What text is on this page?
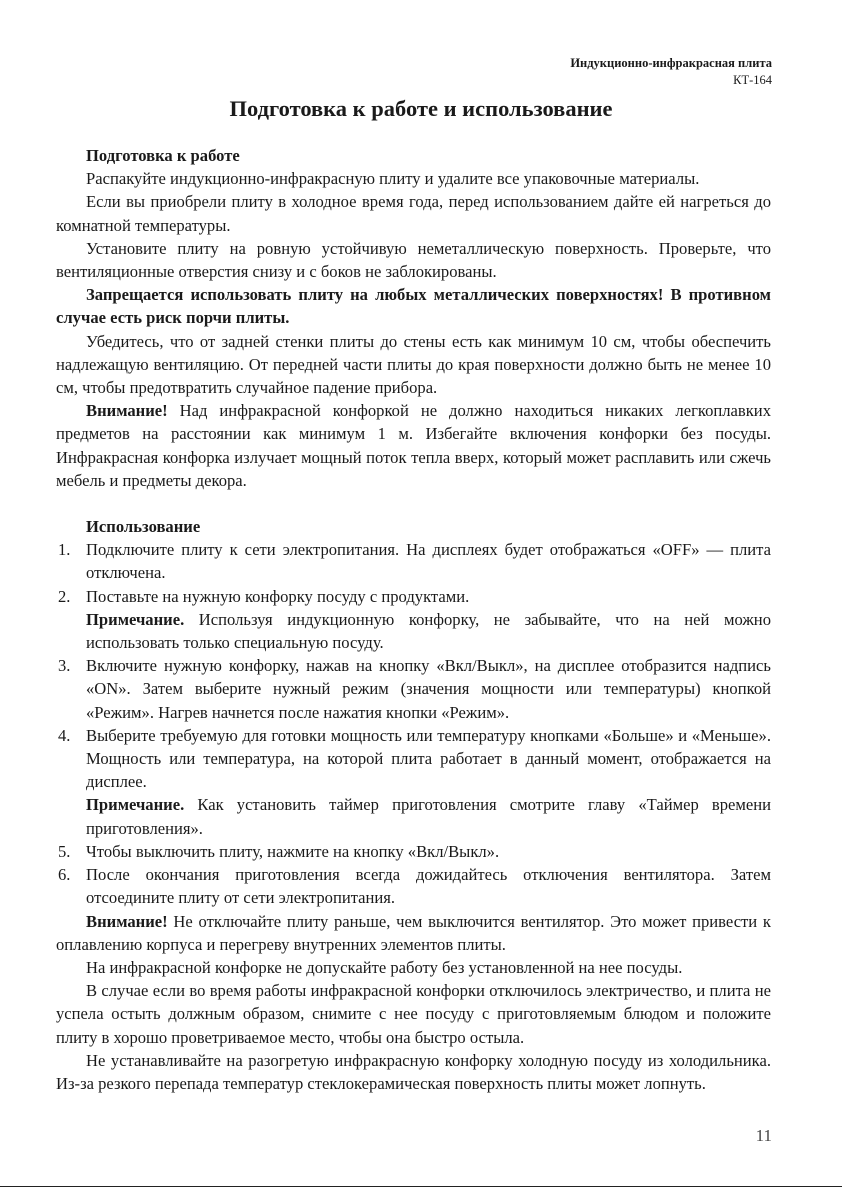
Индукционно-инфракрасная плита
КТ-164
Подготовка к работе и использование

Подготовка к работе

Распакуйте индукционно-инфракрасную плиту и удалите все упаковочные материалы.

Если вы приобрели плиту в холодное время года, перед использованием дайте ей нагреться до комнатной температуры.

Установите плиту на ровную устойчивую неметаллическую поверхность. Проверьте, что вентиляционные отверстия снизу и с боков не заблокированы.

Запрещается использовать плиту на любых металлических поверхностях! В противном случае есть риск порчи плиты.

Убедитесь, что от задней стенки плиты до стены есть как минимум 10 см, чтобы обеспечить надлежащую вентиляцию. От передней части плиты до края поверхности должно быть не менее 10 см, чтобы предотвратить случайное падение прибора.

Внимание! Над инфракрасной конфоркой не должно находиться никаких легкоплавких предметов на расстоянии как минимум 1 м. Избегайте включения конфорки без посуды. Инфракрасная конфорка излучает мощный поток тепла вверх, который может расплавить или сжечь мебель и предметы декора.

Использование

1. Подключите плиту к сети электропитания. На дисплеях будет отображаться «OFF» — плита отключена.
2. Поставьте на нужную конфорку посуду с продуктами.

Примечание. Используя индукционную конфорку, не забывайте, что на ней можно использовать только специальную посуду.

3. Включите нужную конфорку, нажав на кнопку «Вкл/Выкл», на дисплее отобразится надпись «ON». Затем выберите нужный режим (значения мощности или температуры) кнопкой «Режим». Нагрев начнется после нажатия кнопки «Режим».
4. Выберите требуемую для готовки мощность или температуру кнопками «Больше» и «Меньше». Мощность или температура, на которой плита работает в данный момент, отображается на дисплее.

Примечание. Как установить таймер приготовления смотрите главу «Таймер времени приготовления».

5. Чтобы выключить плиту, нажмите на кнопку «Вкл/Выкл».
6. После окончания приготовления всегда дожидайтесь отключения вентилятора. Затем отсоедините плиту от сети электропитания.

Внимание! Не отключайте плиту раньше, чем выключится вентилятор. Это может привести к оплавлению корпуса и перегреву внутренних элементов плиты.

На инфракрасной конфорке не допускайте работу без установленной на нее посуды.

В случае если во время работы инфракрасной конфорки отключилось электричество, и плита не успела остыть должным образом, снимите с нее посуду с приготовляемым блюдом и положите плиту в хорошо проветриваемое место, чтобы она быстро остыла.

Не устанавливайте на разогретую инфракрасную конфорку холодную посуду из холодильника. Из-за резкого перепада температур стеклокерамическая поверхность плиты может лопнуть.

11
